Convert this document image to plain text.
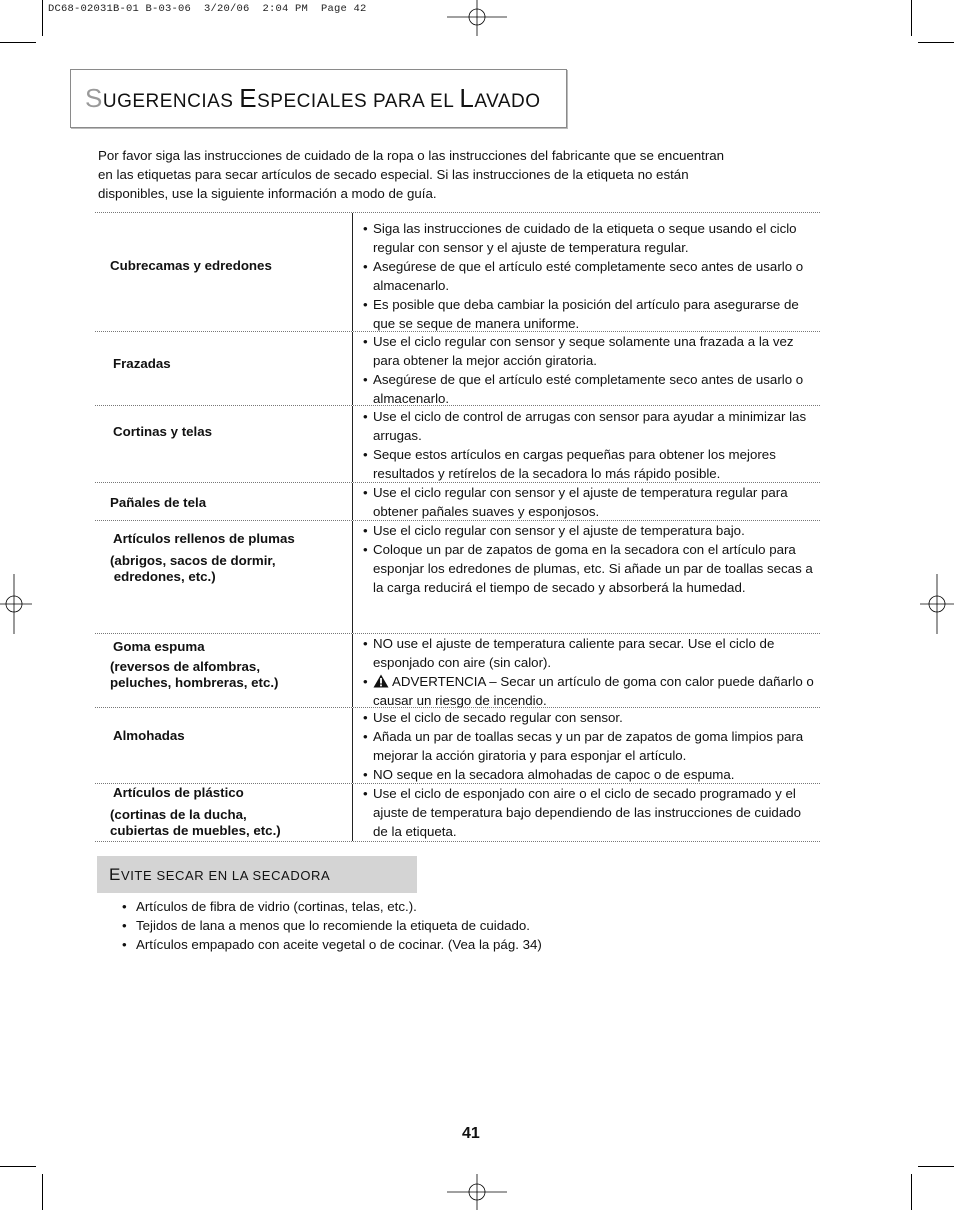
DC68-02031B-01 B-03-06  3/20/06  2:04 PM  Page 42
SUGERENCIAS ESPECIALES PARA EL LAVADO
Por favor siga las instrucciones de cuidado de la ropa o las instrucciones del fabricante que se encuentran
en las etiquetas para secar artículos de secado especial. Si las instrucciones de la etiqueta no están
disponibles, use la siguiente información a modo de guía.
Cubrecamas y edredones
• Siga las instrucciones de cuidado de la etiqueta o seque usando el ciclo regular con sensor y el ajuste de temperatura regular.
• Asegúrese de que el artículo esté completamente seco antes de usarlo o almacenarlo.
• Es posible que deba cambiar la posición del artículo para asegurarse de que se seque de manera uniforme.
Frazadas
• Use el ciclo regular con sensor y seque solamente una frazada a la vez para obtener la mejor acción giratoria.
• Asegúrese de que el artículo esté completamente seco antes de usarlo o almacenarlo.
Cortinas y telas
• Use el ciclo de control de arrugas con sensor para ayudar a minimizar las arrugas.
• Seque estos artículos en cargas pequeñas para obtener los mejores resultados y retírelos de la secadora lo más rápido posible.
Pañales de tela
• Use el ciclo regular con sensor y el ajuste de temperatura regular para obtener pañales suaves y esponjosos.
Artículos rellenos de plumas
(abrigos, sacos de dormir,
edredones, etc.)
• Use el ciclo regular con sensor y el ajuste de temperatura bajo.
• Coloque un par de zapatos de goma en la secadora con el artículo para esponjar los edredones de plumas, etc. Si añade un par de toallas secas a la carga reducirá el tiempo de secado y absorberá la humedad.
Goma espuma
(reversos de alfombras,
peluches, hombreras, etc.)
• NO use el ajuste de temperatura caliente para secar. Use el ciclo de esponjado con aire (sin calor).
•	ADVERTENCIA – Secar un artículo de goma con calor puede dañarlo o causar un riesgo de incendio.
Almohadas
• Use el ciclo de secado regular con sensor.
• Añada un par de toallas secas y un par de zapatos de goma limpios para mejorar la acción giratoria y para esponjar el artículo.
• NO seque en la secadora almohadas de capoc o de espuma.
Artículos de plástico
(cortinas de la ducha,
cubiertas de muebles, etc.)
• Use el ciclo de esponjado con aire o el ciclo de secado programado y el ajuste de temperatura bajo dependiendo de las instrucciones de cuidado de la etiqueta.
EVITE SECAR EN LA SECADORA
• Artículos de fibra de vidrio (cortinas, telas, etc.).
• Tejidos de lana a menos que lo recomiende la etiqueta de cuidado.
• Artículos empapado con aceite vegetal o de cocinar. (Vea la pág. 34)
41
